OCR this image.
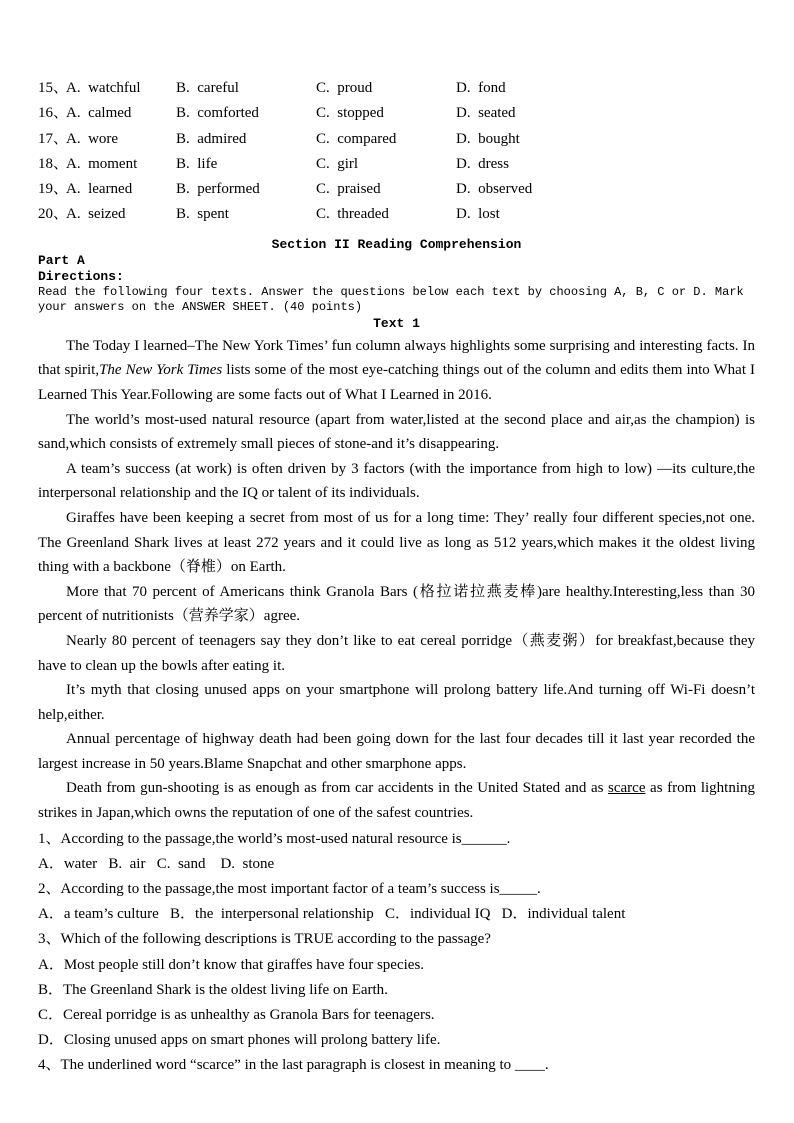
15、
A.  watchful	B.  careful	C.  proud	D.  fond
16、
A.  calmed	B.  comforted	C.  stopped	D.  seated
17、
A.  wore	B.  admired	C.  compared	D.  bought
18、
A.  moment	B.  life	C.  girl	D.  dress
19、
A.  learned	B.  performed	C.  praised	D.  observed
20、
A.  seized	B.  spent	C.  threaded	D.  lost
Section II Reading Comprehension
Part A
Directions:
Read the following four texts. Answer the questions below each text by choosing A, B, C or D. Mark your answers on the ANSWER SHEET. (40 points)
Text 1
The Today I learned–The New York Times’ fun column always highlights some surprising and interesting facts. In that spirit,The New York Times lists some of the most eye-catching things out of the column and edits them into What I Learned This Year.Following are some facts out of What I Learned in 2016.
The world’s most-used natural resource (apart from water,listed at the second place and air,as the champion) is sand,which consists of extremely small pieces of stone-and it’s disappearing.
A team’s success (at work) is often driven by 3 factors (with the importance from high to low) —its culture,the interpersonal relationship and the IQ or talent of its individuals.
Giraffes have been keeping a secret from most of us for a long time: They’ really four different species,not one.    The Greenland Shark lives at least 272 years and it could live as long as 512 years,which makes it the oldest living thing with a backbone（脊椎）on Earth.
More that 70 percent of Americans think Granola Bars (格拉诺拉燕麦棒)are healthy.Interesting,less than 30 percent of nutritionists（营养学家）agree.
Nearly 80 percent of teenagers say they don’t like to eat cereal porridge（燕麦粥）for breakfast,because they have to clean up the bowls after eating it.
It’s myth that closing unused apps on your smartphone will prolong battery life.And turning off Wi-Fi doesn’t help,either.
Annual percentage of highway death had been going down for the last four decades till it last year recorded the largest increase in 50 years.Blame Snapchat and other smarphone apps.
Death from gun-shooting is as enough as from car accidents in the United Stated and as scarce as from lightning strikes in Japan,which owns the reputation of one of the safest countries.
1、According to the passage,the world’s most-used natural resource is______.
A．water   B.  air   C.  sand    D.  stone
2、According to the passage,the most important factor of a team’s success is_____.
A．a team’s culture   B．the  interpersonal relationship   C．individual IQ   D．individual talent
3、Which of the following descriptions is TRUE according to the passage?
A．Most people still don’t know that giraffes have four species.
B．The Greenland Shark is the oldest living life on Earth.
C．Cereal porridge is as unhealthy as Granola Bars for teenagers.
D．Closing unused apps on smart phones will prolong battery life.
4、The underlined word “scarce” in the last paragraph is closest in meaning to ____.
